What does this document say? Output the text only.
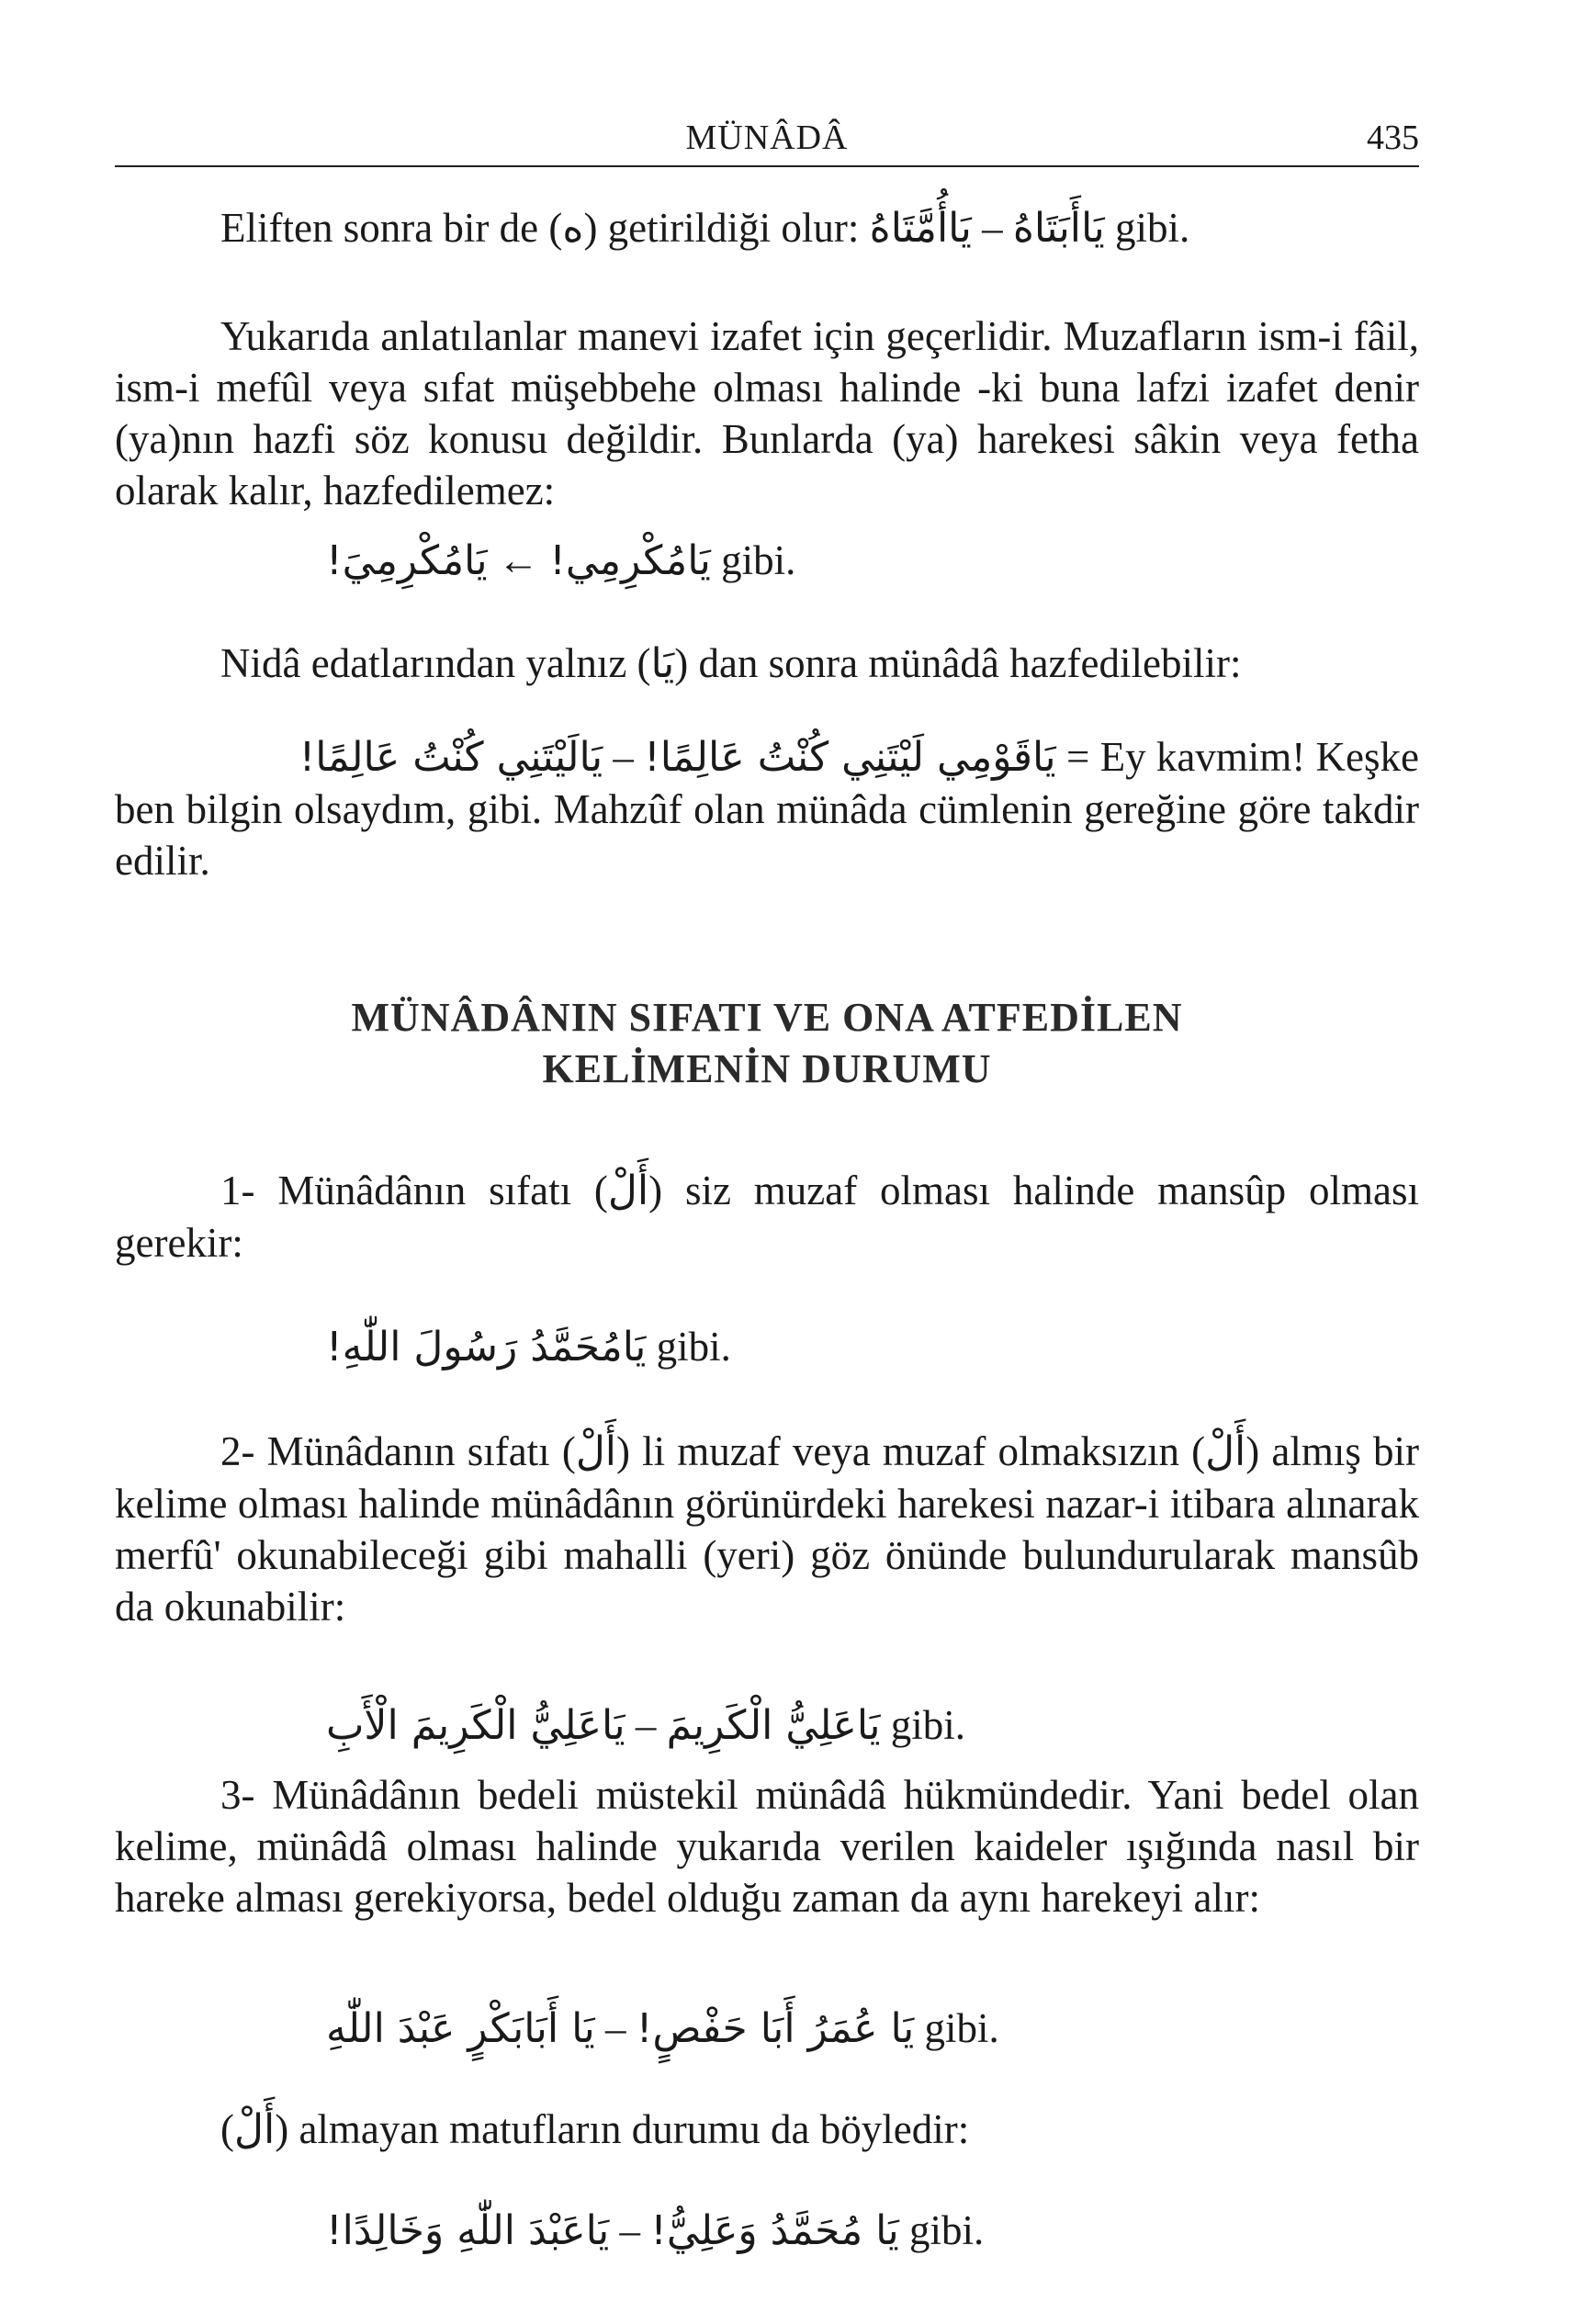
MÜNÂDÂ	435

Eliften sonra bir de (ه) getirildiği olur: يَاأُمَّتَاهُ – يَاأَبَتَاهُ gibi.

Yukarıda anlatılanlar manevi izafet için geçerlidir. Muzafların ism-i fâil, ism-i mefûl veya sıfat müşebbehe olması halinde -ki buna lafzi izafet denir (ya)nın hazfi söz konusu değildir. Bunlarda (ya) harekesi sâkin veya fetha olarak kalır, hazfedilemez:

يَامُكْرِمِيَ! ← يَامُكْرِمِي! gibi.

Nidâ edatlarından yalnız (يَا) dan sonra münâdâ hazfedilebilir:

يَالَيْتَنِي كُنْتُ عَالِمًا! – يَاقَوْمِي لَيْتَنِي كُنْتُ عَالِمًا! = Ey kavmim! Keşke

ben bilgin olsaydım, gibi. Mahzûf olan münâda cümlenin gereğine göre takdir edilir.

MÜNÂDÂNIN SIFATI VE ONA ATFEDİLEN
KELİMENİN DURUMU

1- Münâdânın sıfatı (أَلْ) siz muzaf olması halinde mansûp olması gerekir:

يَامُحَمَّدُ رَسُولَ اللّٰهِ! gibi.

2- Münâdanın sıfatı (أَلْ) li muzaf veya muzaf olmaksızın (أَلْ) almış bir kelime olması halinde münâdânın görünürdeki harekesi nazar-i itibara alınarak merfû' okunabileceği gibi mahalli (yeri) göz önünde bulundurularak mansûb da okunabilir:

يَاعَلِيُّ الْكَرِيمَ الْأَبِ – يَاعَلِيُّ الْكَرِيمَ gibi.

3- Münâdânın bedeli müstekil münâdâ hükmündedir. Yani bedel olan kelime, münâdâ olması halinde yukarıda verilen kaideler ışığında nasıl bir hareke alması gerekiyorsa, bedel olduğu zaman da aynı harekeyi alır:

يَا أَبَابَكْرٍ عَبْدَ اللّٰهِ – يَا عُمَرُ أَبَا حَفْصٍ! gibi.

(أَلْ) almayan matufların durumu da böyledir:

يَاعَبْدَ اللّٰهِ وَخَالِدًا! – يَا مُحَمَّدُ وَعَلِيُّ! gibi.
